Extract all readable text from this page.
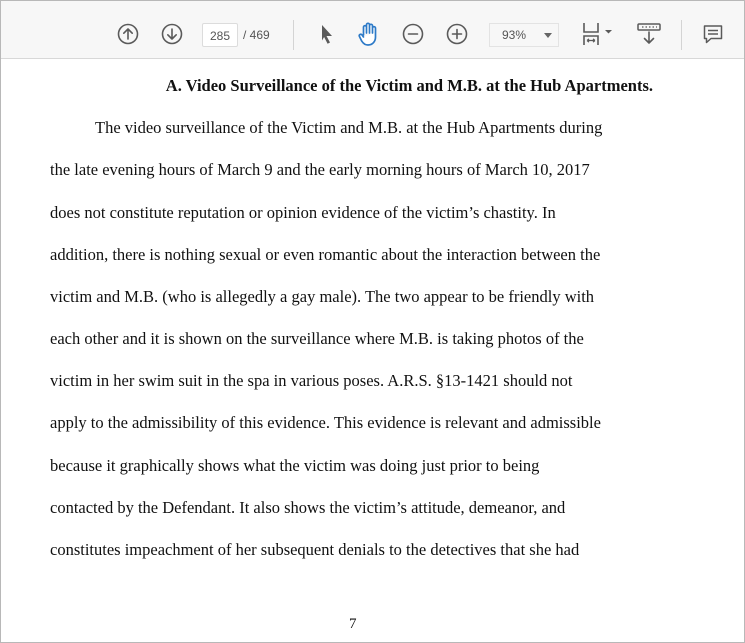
285	/ 469	93%
A. Video Surveillance of the Victim and M.B. at the Hub Apartments.
The video surveillance of the Victim and M.B. at the Hub Apartments during
the late evening hours of March 9 and the early morning hours of March 10, 2017
does not constitute reputation or opinion evidence of the victim’s chastity. In
addition, there is nothing sexual or even romantic about the interaction between the
victim and M.B. (who is allegedly a gay male). The two appear to be friendly with
each other and it is shown on the surveillance where M.B. is taking photos of the
victim in her swim suit in the spa in various poses. A.R.S. §13-1421 should not
apply to the admissibility of this evidence. This evidence is relevant and admissible
because it graphically shows what the victim was doing just prior to being
contacted by the Defendant. It also shows the victim’s attitude, demeanor, and
constitutes impeachment of her subsequent denials to the detectives that she had
7
